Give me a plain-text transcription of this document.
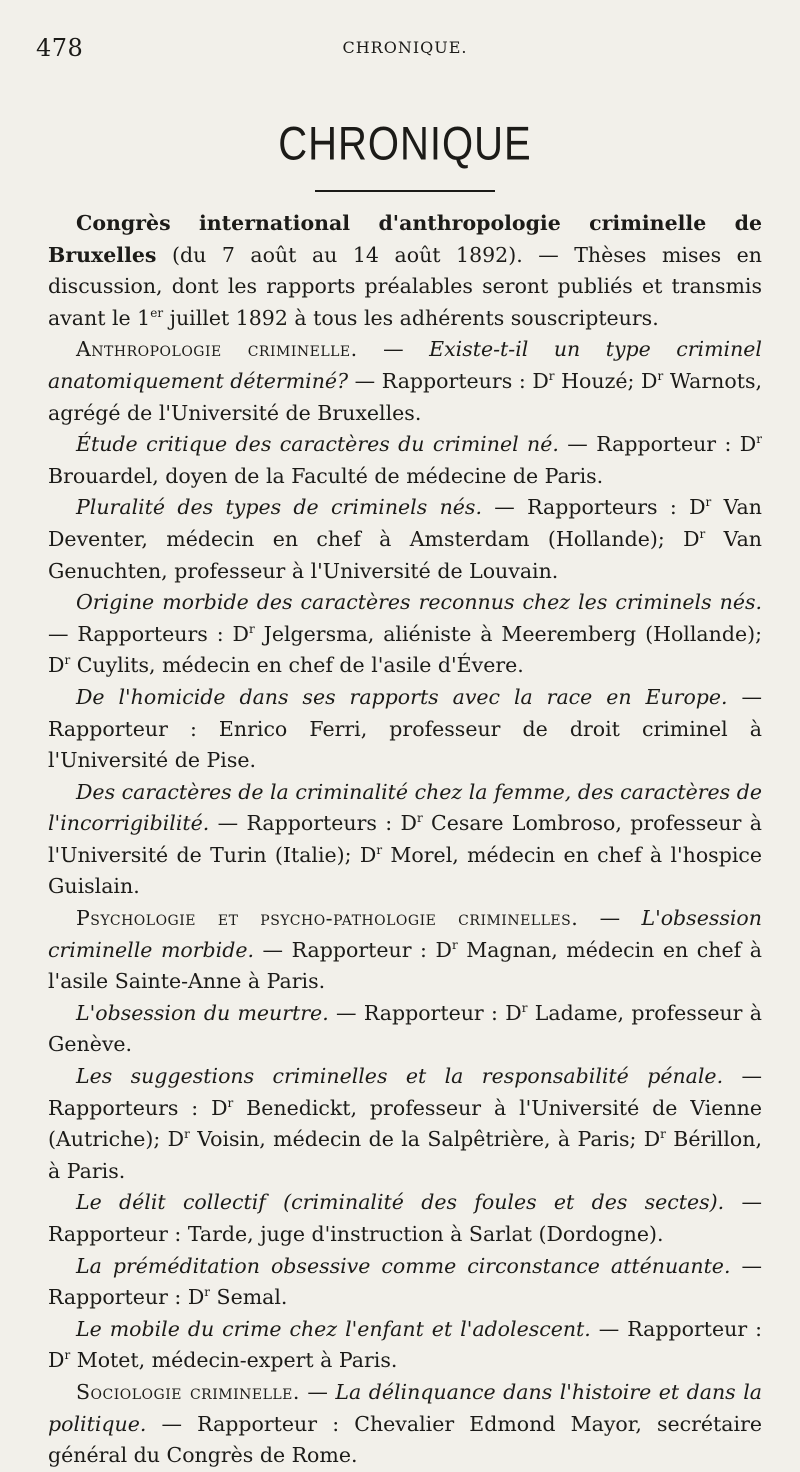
478	CHRONIQUE.
CHRONIQUE

Congrès international d'anthropologie criminelle de Bruxelles (du 7 août au 14 août 1892). — Thèses mises en discussion, dont les rapports préalables seront publiés et transmis avant le 1er juillet 1892 à tous les adhérents souscripteurs.

Anthropologie criminelle. — Existe-t-il un type criminel anatomiquement déterminé? — Rapporteurs : $D^r$ Houzé; $D^r$ Warnots, agrégé de l'Université de Bruxelles.

Étude critique des caractères du criminel né. — Rapporteur : $D^r$ Brouardel, doyen de la Faculté de médecine de Paris.

Pluralité des types de criminels nés. — Rapporteurs : $D^r$ Van Deventer, médecin en chef à Amsterdam (Hollande); $D^r$ Van Genuchten, professeur à l'Université de Louvain.

Origine morbide des caractères reconnus chez les criminels nés. — Rapporteurs : $D^r$ Jelgersma, aliéniste à Meeremberg (Hollande); $D^r$ Cuylits, médecin en chef de l'asile d'Évere.

De l'homicide dans ses rapports avec la race en Europe. — Rapporteur : Enrico Ferri, professeur de droit criminel à l'Université de Pise.

Des caractères de la criminalité chez la femme, des caractères de l'incorrigibilité. — Rapporteurs : $D^r$ Cesare Lombroso, professeur à l'Université de Turin (Italie); $D^r$ Morel, médecin en chef à l'hospice Guislain.

Psychologie et psycho-pathologie criminelles. — L'obsession criminelle morbide. — Rapporteur : $D^r$ Magnan, médecin en chef à l'asile Sainte-Anne à Paris.

L'obsession du meurtre. — Rapporteur : $D^r$ Ladame, professeur à Genève.

Les suggestions criminelles et la responsabilité pénale. — Rapporteurs : $D^r$ Benedickt, professeur à l'Université de Vienne (Autriche); $D^r$ Voisin, médecin de la Salpêtrière, à Paris; $D^r$ Bérillon, à Paris.

Le délit collectif (criminalité des foules et des sectes). — Rapporteur : Tarde, juge d'instruction à Sarlat (Dordogne).

La préméditation obsessive comme circonstance atténuante. — Rapporteur : $D^r$ Semal.

Le mobile du crime chez l'enfant et l'adolescent. — Rapporteur : $D^r$ Motet, médecin-expert à Paris.

Sociologie criminelle. — La délinquance dans l'histoire et dans la politique. — Rapporteur : Chevalier Edmond Mayor, secrétaire général du Congrès de Rome.
